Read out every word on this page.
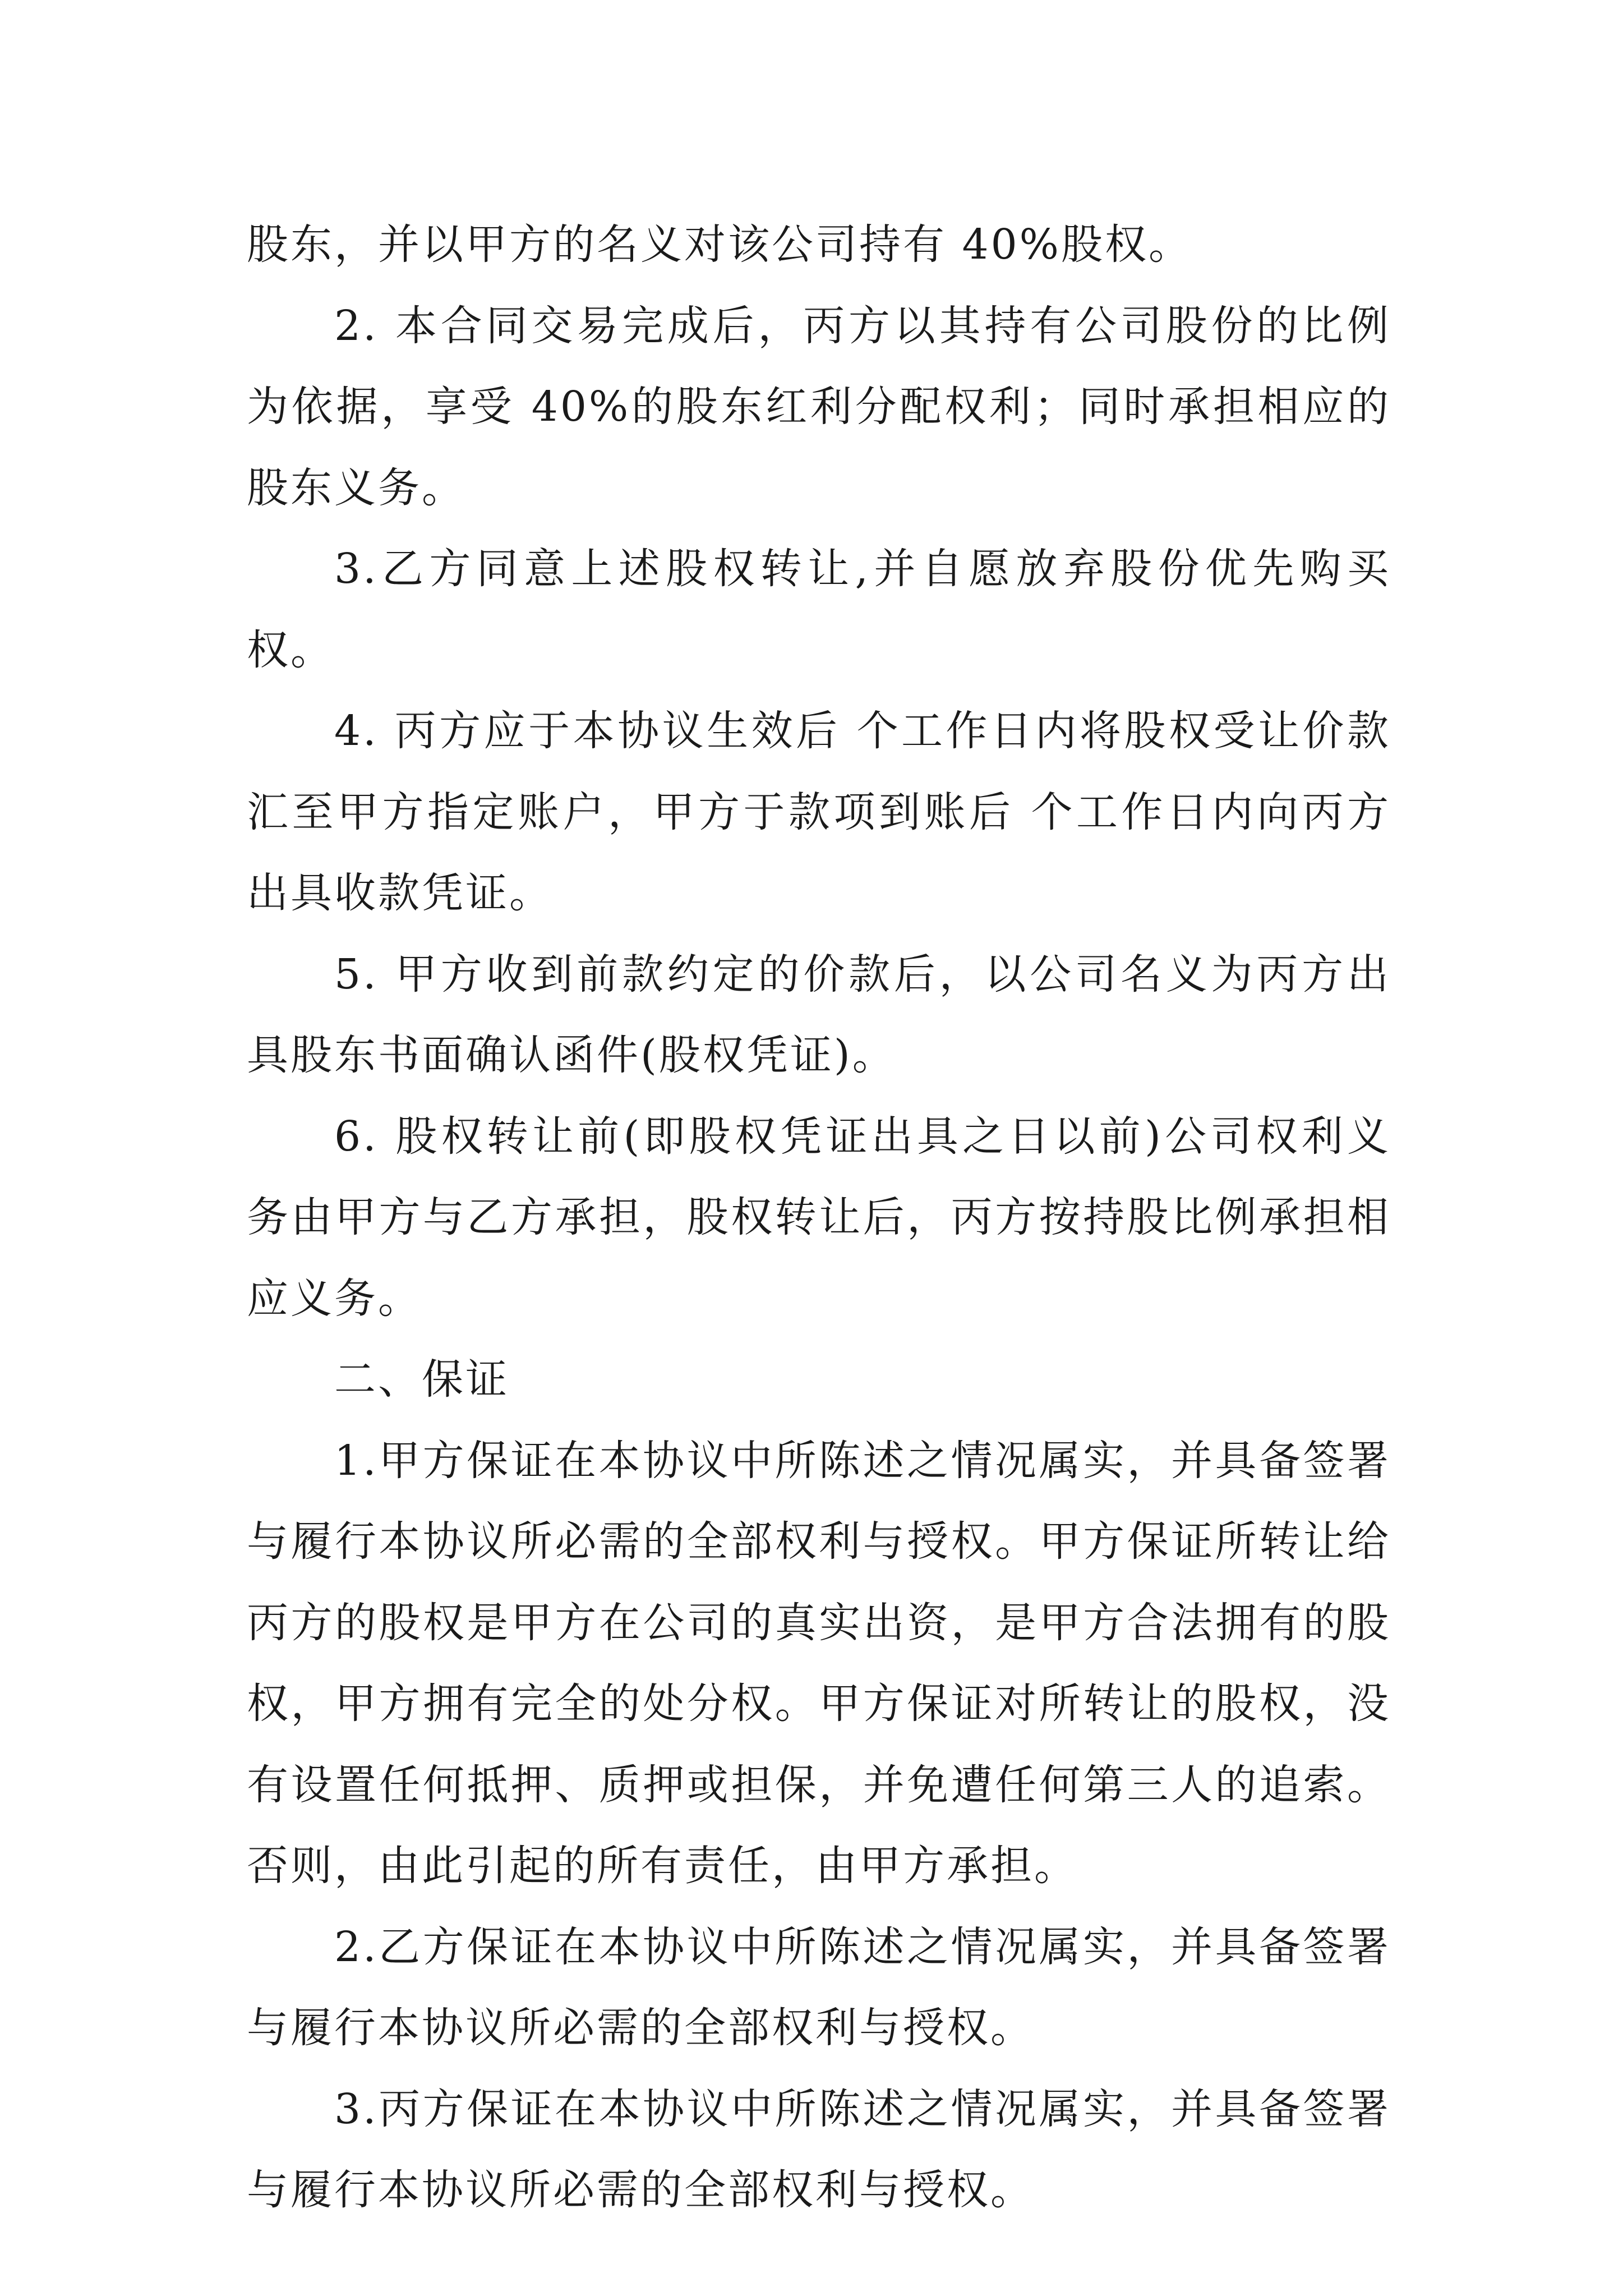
股东，并以甲方的名义对该公司持有 40%股权。

2. 本合同交易完成后，丙方以其持有公司股份的比例为依据，享受 40%的股东红利分配权利；同时承担相应的股东义务。

3.乙方同意上述股权转让,并自愿放弃股份优先购买权。

4. 丙方应于本协议生效后 个工作日内将股权受让价款汇至甲方指定账户，甲方于款项到账后 个工作日内向丙方出具收款凭证。

5. 甲方收到前款约定的价款后，以公司名义为丙方出具股东书面确认函件(股权凭证)。

6. 股权转让前(即股权凭证出具之日以前)公司权利义务由甲方与乙方承担，股权转让后，丙方按持股比例承担相应义务。

二、保证

1.甲方保证在本协议中所陈述之情况属实，并具备签署与履行本协议所必需的全部权利与授权。甲方保证所转让给丙方的股权是甲方在公司的真实出资，是甲方合法拥有的股权，甲方拥有完全的处分权。甲方保证对所转让的股权，没有设置任何抵押、质押或担保，并免遭任何第三人的追索。否则，由此引起的所有责任，由甲方承担。

2.乙方保证在本协议中所陈述之情况属实，并具备签署与履行本协议所必需的全部权利与授权。

3.丙方保证在本协议中所陈述之情况属实，并具备签署与履行本协议所必需的全部权利与授权。
